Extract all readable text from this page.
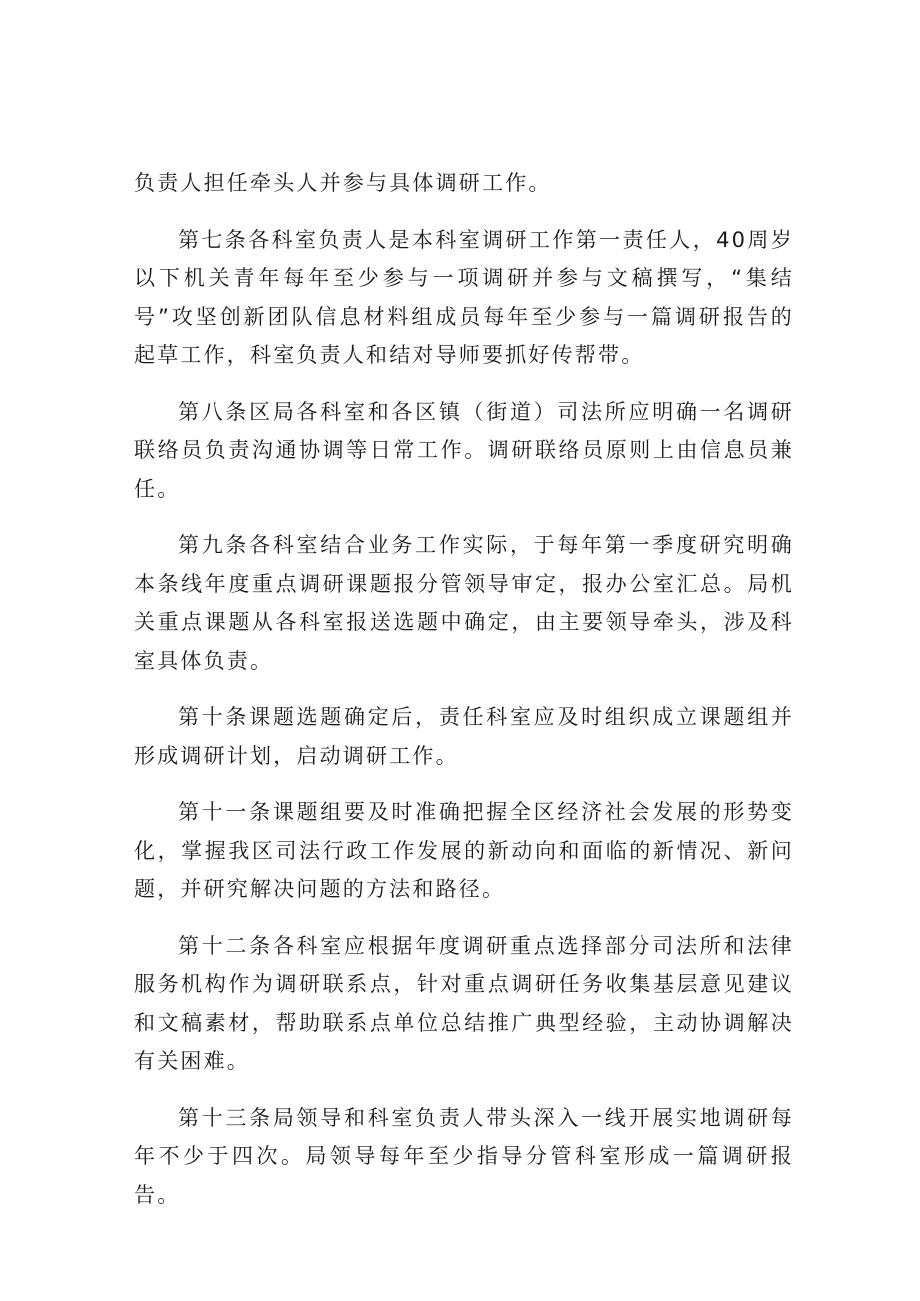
负责人担任牵头人并参与具体调研工作。

第七条各科室负责人是本科室调研工作第一责任人，40周岁以下机关青年每年至少参与一项调研并参与文稿撰写，“集结号”攻坚创新团队信息材料组成员每年至少参与一篇调研报告的起草工作，科室负责人和结对导师要抓好传帮带。

第八条区局各科室和各区镇（街道）司法所应明确一名调研联络员负责沟通协调等日常工作。调研联络员原则上由信息员兼任。

第九条各科室结合业务工作实际，于每年第一季度研究明确本条线年度重点调研课题报分管领导审定，报办公室汇总。局机关重点课题从各科室报送选题中确定，由主要领导牵头，涉及科室具体负责。

第十条课题选题确定后，责任科室应及时组织成立课题组并形成调研计划，启动调研工作。

第十一条课题组要及时准确把握全区经济社会发展的形势变化，掌握我区司法行政工作发展的新动向和面临的新情况、新问题，并研究解决问题的方法和路径。

第十二条各科室应根据年度调研重点选择部分司法所和法律服务机构作为调研联系点，针对重点调研任务收集基层意见建议和文稿素材，帮助联系点单位总结推广典型经验，主动协调解决有关困难。

第十三条局领导和科室负责人带头深入一线开展实地调研每年不少于四次。局领导每年至少指导分管科室形成一篇调研报告。
